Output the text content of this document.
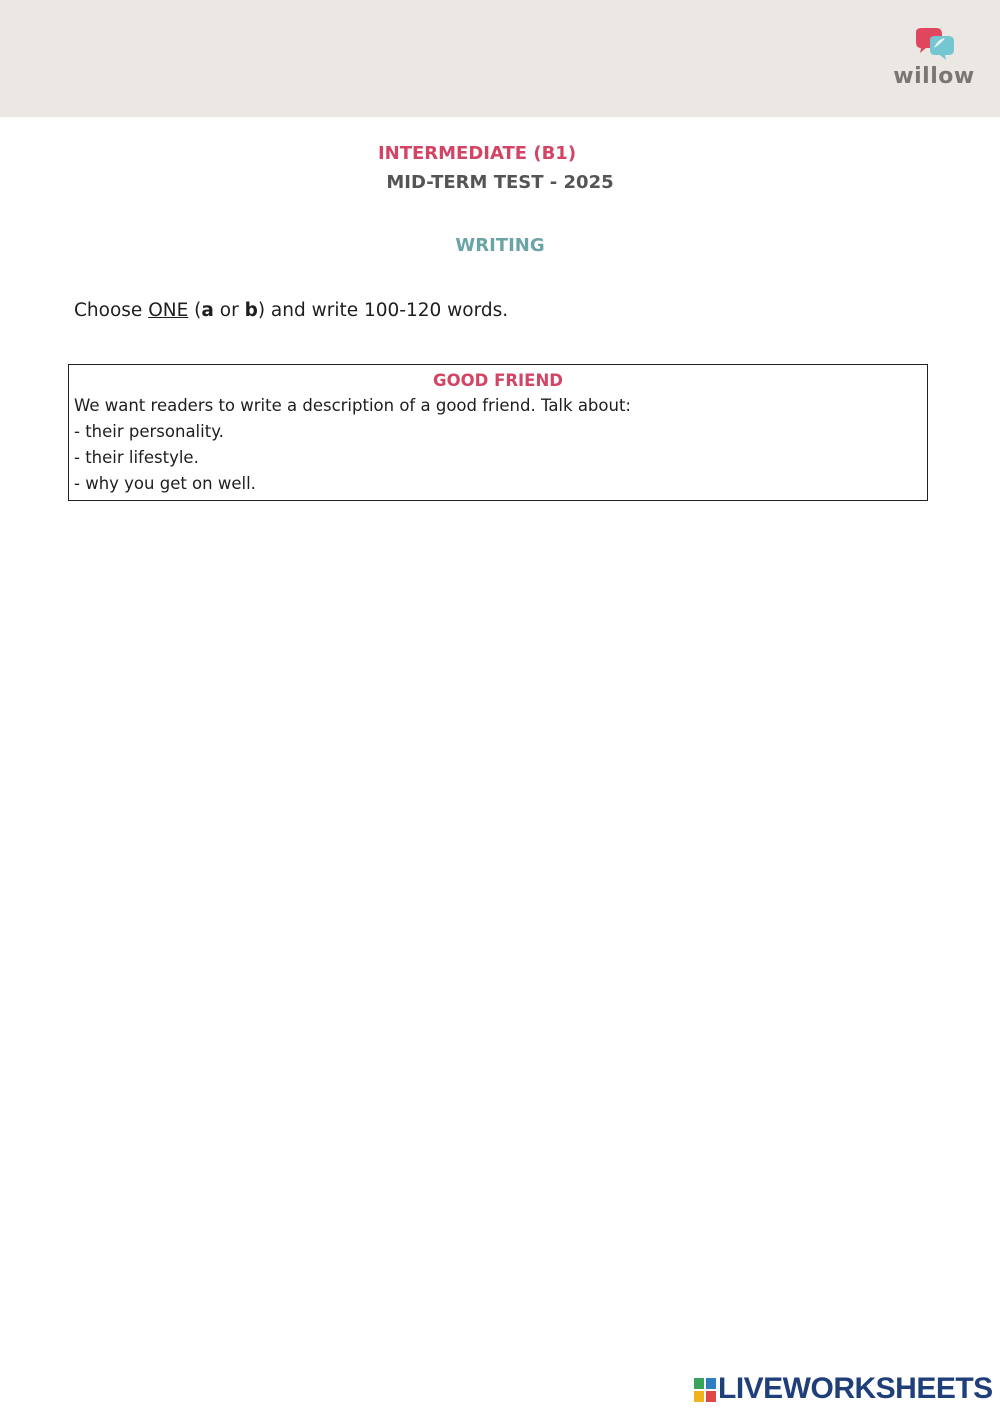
willow
INTERMEDIATE (B1)
MID-TERM TEST - 2025
WRITING
Choose ONE (a or b) and write 100-120 words.
GOOD FRIEND
We want readers to write a description of a good friend. Talk about:
- their personality.
- their lifestyle.
- why you get on well.
LIVEWORKSHEETS
